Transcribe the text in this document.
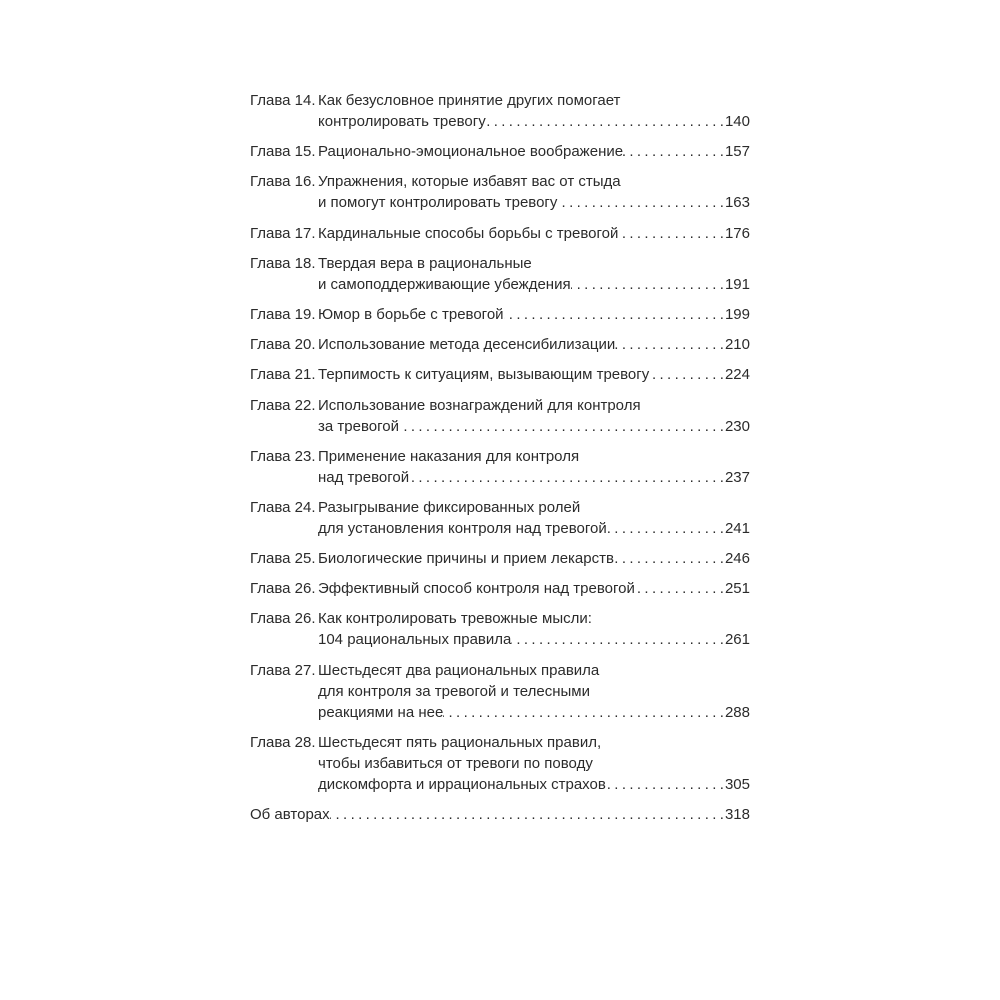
Глава 14. Как безусловное принятие других помогает
контролировать тревогу . . .	140
Глава 15. Рационально-эмоциональное воображение . . .	157
Глава 16. Упражнения, которые избавят вас от стыда
и помогут контролировать тревогу . . .	163
Глава 17. Кардинальные способы борьбы с тревогой . . .	176
Глава 18. Твердая вера в рациональные
и самоподдерживающие убеждения . . .	191
Глава 19. Юмор в борьбе с тревогой . . .	199
Глава 20. Использование метода десенсибилизации . . .	210
Глава 21. Терпимость к ситуациям, вызывающим тревогу . . .	224
Глава 22. Использование вознаграждений для контроля
за тревогой . . .	230
Глава 23. Применение наказания для контроля
над тревогой . . .	237
Глава 24. Разыгрывание фиксированных ролей
для установления контроля над тревогой . . .	241
Глава 25. Биологические причины и прием лекарств . . .	246
Глава 26. Эффективный способ контроля над тревогой . . .	251
Глава 26. Как контролировать тревожные мысли:
104 рациональных правила . . .	261
Глава 27. Шестьдесят два рациональных правила
для контроля за тревогой и телесными
реакциями на нее . . .	288
Глава 28. Шестьдесят пять рациональных правил,
чтобы избавиться от тревоги по поводу
дискомфорта и иррациональных страхов . . .	305
Об авторах . . .	318
